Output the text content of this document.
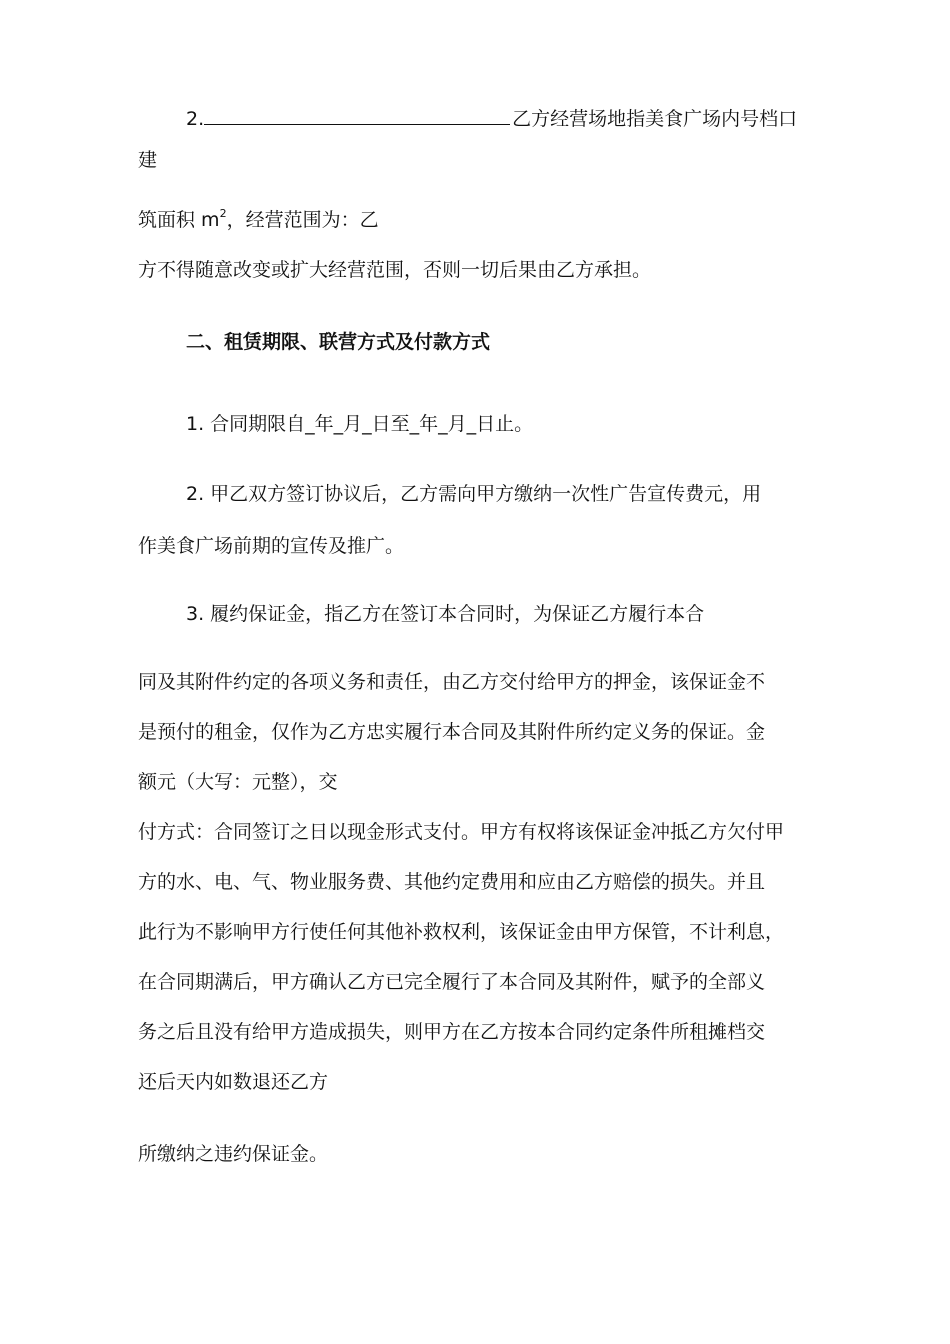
2.	乙方经营场地指美食广场内号档口
建
筑面积 $m^2$，经营范围为：乙
方不得随意改变或扩大经营范围，否则一切后果由乙方承担。
二、租赁期限、联营方式及付款方式
1. 合同期限自_年_月_日至_年_月_日止。
2. 甲乙双方签订协议后，乙方需向甲方缴纳一次性广告宣传费元，用
作美食广场前期的宣传及推广。
3. 履约保证金，指乙方在签订本合同时，为保证乙方履行本合
同及其附件约定的各项义务和责任，由乙方交付给甲方的押金，该保证金不
是预付的租金，仅作为乙方忠实履行本合同及其附件所约定义务的保证。金
额元（大写：元整），交
付方式：合同签订之日以现金形式支付。甲方有权将该保证金冲抵乙方欠付甲
方的水、电、气、物业服务费、其他约定费用和应由乙方赔偿的损失。并且
此行为不影响甲方行使任何其他补救权利，该保证金由甲方保管，不计利息，
在合同期满后，甲方确认乙方已完全履行了本合同及其附件，赋予的全部义
务之后且没有给甲方造成损失，则甲方在乙方按本合同约定条件所租摊档交
还后天内如数退还乙方
所缴纳之违约保证金。
